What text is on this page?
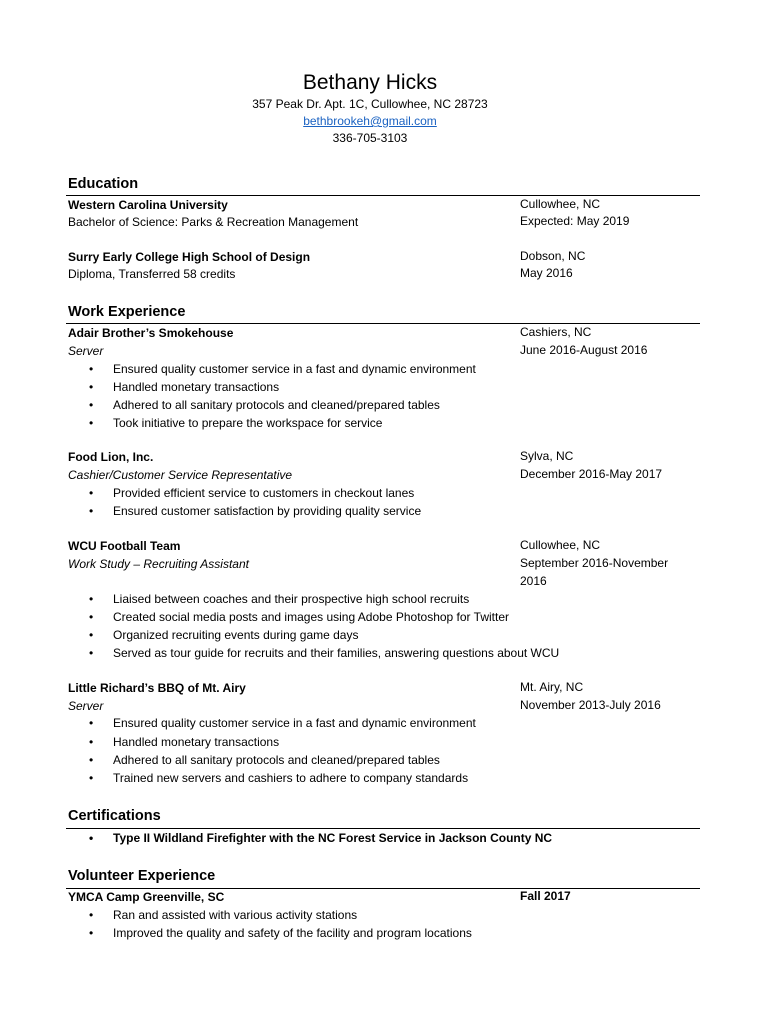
Bethany Hicks
357 Peak Dr. Apt. 1C, Cullowhee, NC 28723
bethbrookeh@gmail.com
336-705-3103
Education
Western Carolina University
Bachelor of Science: Parks & Recreation Management
Cullowhee, NC
Expected: May 2019
Surry Early College High School of Design
Diploma, Transferred 58 credits
Dobson, NC
May 2016
Work Experience
Adair Brother’s Smokehouse
Server
Cashiers, NC
June 2016-August 2016
• Ensured quality customer service in a fast and dynamic environment
• Handled monetary transactions
• Adhered to all sanitary protocols and cleaned/prepared tables
• Took initiative to prepare the workspace for service
Food Lion, Inc.
Cashier/Customer Service Representative
Sylva, NC
December 2016-May 2017
• Provided efficient service to customers in checkout lanes
• Ensured customer satisfaction by providing quality service
WCU Football Team
Work Study – Recruiting Assistant
Cullowhee, NC
September 2016-November 2016
• Liaised between coaches and their prospective high school recruits
• Created social media posts and images using Adobe Photoshop for Twitter
• Organized recruiting events during game days
• Served as tour guide for recruits and their families, answering questions about WCU
Little Richard’s BBQ of Mt. Airy
Server
Mt. Airy, NC
November 2013-July 2016
• Ensured quality customer service in a fast and dynamic environment
• Handled monetary transactions
• Adhered to all sanitary protocols and cleaned/prepared tables
• Trained new servers and cashiers to adhere to company standards
Certifications
• Type II Wildland Firefighter with the NC Forest Service in Jackson County NC
Volunteer Experience
YMCA Camp Greenville, SC	Fall 2017
• Ran and assisted with various activity stations
• Improved the quality and safety of the facility and program locations
